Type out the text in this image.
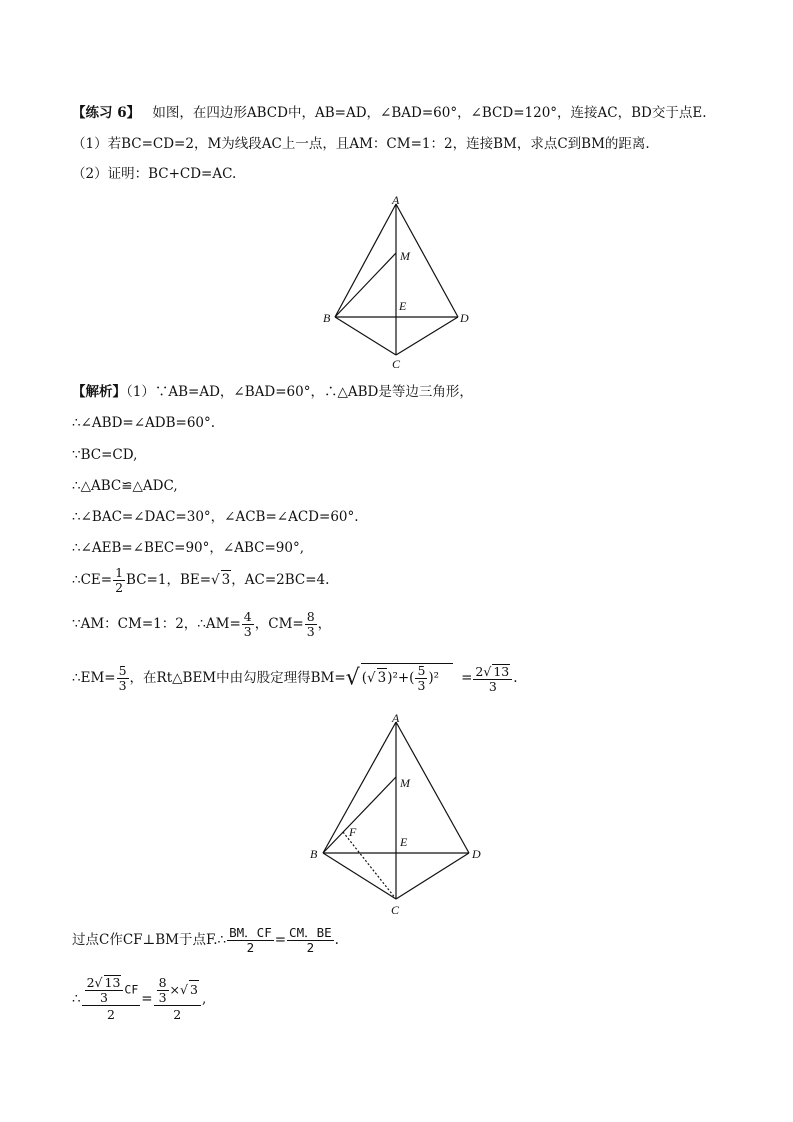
【练习 6】 如图，在四边形ABCD中，AB=AD，∠BAD=60°，∠BCD=120°，连接AC，BD交于点E.
（1）若BC=CD=2，M为线段AC上一点，且AM：CM=1：2，连接BM，求点C到BM的距离.
（2）证明：BC+CD=AC.
A
M
B
E
D
C
【解析】（1）∵AB=AD，∠BAD=60°，∴△ABD是等边三角形，
∴∠ABD=∠ADB=60°.
∵BC=CD,
∴△ABC≌△ADC,
∴∠BAC=∠DAC=30°，∠ACB=∠ACD=60°.
∴∠AEB=∠BEC=90°，∠ABC=90°,
∴CE= $\frac{1}{2} BC=1$，BE=√ 3，AC=2BC=4.
∵AM：CM=1：2，∴AM= $\frac{4}{3}$ ，$CM= \frac{8}{3}$ ，
∴EM= $\frac{5}{3}$ ，在Rt△BEM中由勾股定理得BM=√ (√ $3)^2+( \frac{5}{3} )^2 = \frac{2√ 13}{3}$ .
A
M
F
B
E
D
C
过点C作CF⊥BM于点F.∴ $\frac{BM.CF}{2} = \frac{CM.BE}{2}$ .
∴ $\frac{\frac{2√ 13}{3} CF}{2} = \frac{\frac{8}{3} \times√ 3}{2}$ ,
